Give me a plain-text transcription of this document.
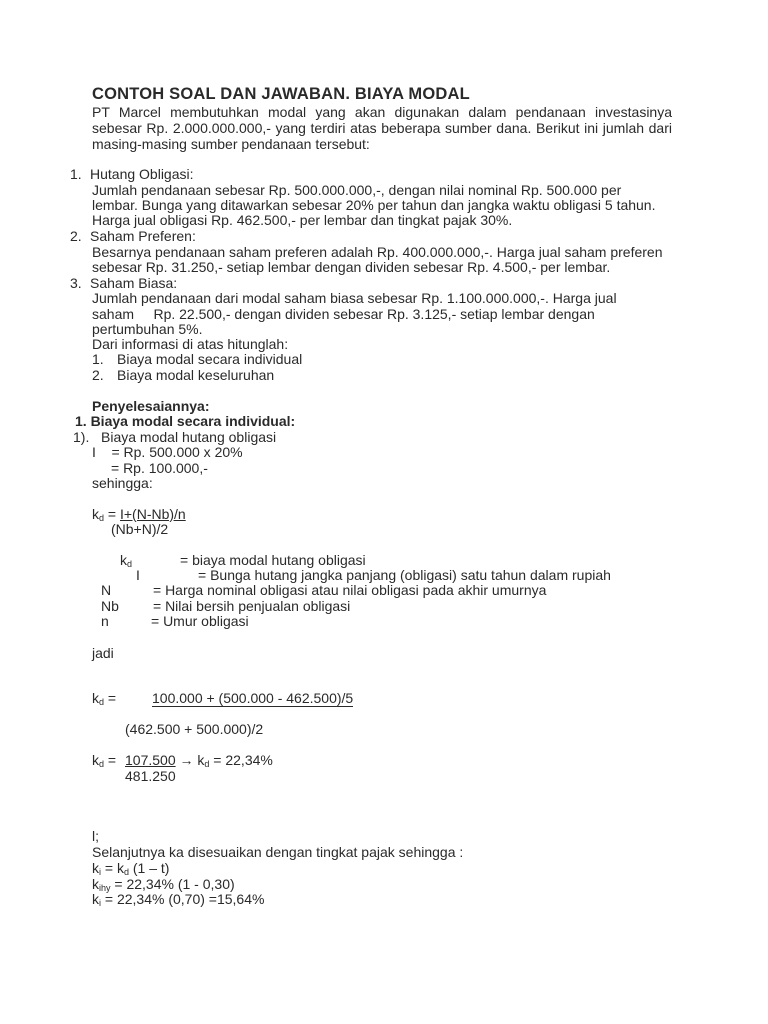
CONTOH SOAL DAN JAWABAN. BIAYA MODAL
PT Marcel membutuhkan modal yang akan digunakan dalam pendanaan investasinya
sebesar Rp. 2.000.000.000,- yang terdiri atas beberapa sumber dana. Berikut ini jumlah dari
masing-masing sumber pendanaan tersebut:
1. Hutang Obligasi:
Jumlah pendanaan sebesar Rp. 500.000.000,-, dengan nilai nominal Rp. 500.000 per
lembar. Bunga yang ditawarkan sebesar 20% per tahun dan jangka waktu obligasi 5 tahun.
Harga jual obligasi Rp. 462.500,- per lembar dan tingkat pajak 30%.
2. Saham Preferen:
Besarnya pendanaan saham preferen adalah Rp. 400.000.000,-. Harga jual saham preferen
sebesar Rp. 31.250,- setiap lembar dengan dividen sebesar Rp. 4.500,- per lembar.
3. Saham Biasa:
Jumlah pendanaan dari modal saham biasa sebesar Rp. 1.100.000.000,-. Harga jual
saham     Rp. 22.500,- dengan dividen sebesar Rp. 3.125,- setiap lembar dengan
pertumbuhan 5%.
Dari informasi di atas hitunglah:
1. Biaya modal secara individual
2. Biaya modal keseluruhan
Penyelesaiannya:
1. Biaya modal secara individual:
1).   Biaya modal hutang obligasi
I    = Rp. 500.000 x 20%
= Rp. 100.000,-
sehingga:
$k_d = I+(N-Nb)/n$
(Nb+N)/2
$k_d$	= biaya modal hutang obligasi
I	= Bunga hutang jangka panjang (obligasi) satu tahun dalam rupiah
N	= Harga nominal obligasi atau nilai obligasi pada akhir umurnya
Nb = Nilai bersih penjualan obligasi
n	= Umur obligasi
jadi
$k_d = 100.000 + (500.000 - 462.500)/5$
(462.500 + 500.000)/2
$k_d = 107.500 \to k_d = 22,34\%$
481.250
l;
Selanjutnya ka disesuaikan dengan tingkat pajak sehingga :
$k_i = k_d$ (1 – t)
$k_{ihy} = 22,34\%$ (1 - 0,30)
$k_i = 22,34\%$ (0,70) =15,64%
